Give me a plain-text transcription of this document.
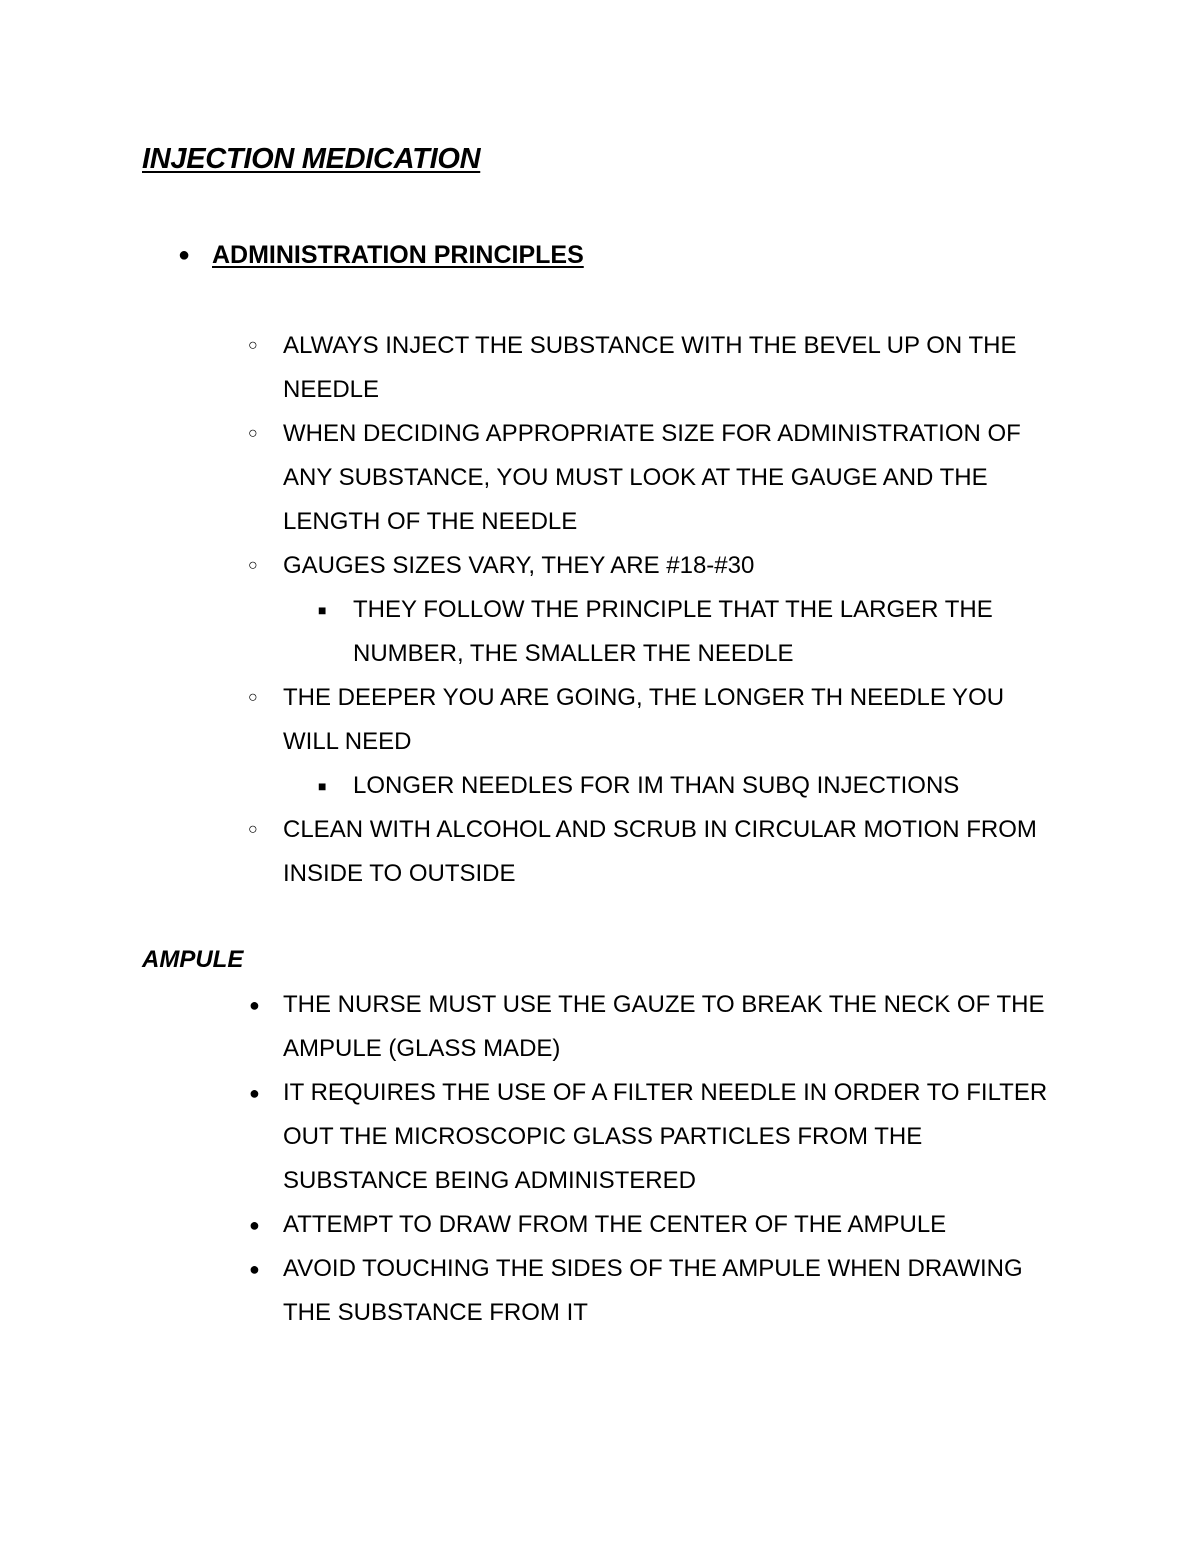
INJECTION MEDICATION
● ADMINISTRATION PRINCIPLES
○ ALWAYS INJECT THE SUBSTANCE WITH THE BEVEL UP ON THE NEEDLE
○ WHEN DECIDING APPROPRIATE SIZE FOR ADMINISTRATION OF ANY SUBSTANCE, YOU MUST LOOK AT THE GAUGE AND THE LENGTH OF THE NEEDLE
○ GAUGES SIZES VARY, THEY ARE #18-#30
■ THEY FOLLOW THE PRINCIPLE THAT THE LARGER THE NUMBER, THE SMALLER THE NEEDLE
○ THE DEEPER YOU ARE GOING, THE LONGER TH NEEDLE YOU WILL NEED
■ LONGER NEEDLES FOR IM THAN SUBQ INJECTIONS
○ CLEAN WITH ALCOHOL AND SCRUB IN CIRCULAR MOTION FROM INSIDE TO OUTSIDE
AMPULE
● THE NURSE MUST USE THE GAUZE TO BREAK THE NECK OF THE AMPULE (GLASS MADE)
● IT REQUIRES THE USE OF A FILTER NEEDLE IN ORDER TO FILTER OUT THE MICROSCOPIC GLASS PARTICLES FROM THE SUBSTANCE BEING ADMINISTERED
● ATTEMPT TO DRAW FROM THE CENTER OF THE AMPULE
● AVOID TOUCHING THE SIDES OF THE AMPULE WHEN DRAWING THE SUBSTANCE FROM IT
